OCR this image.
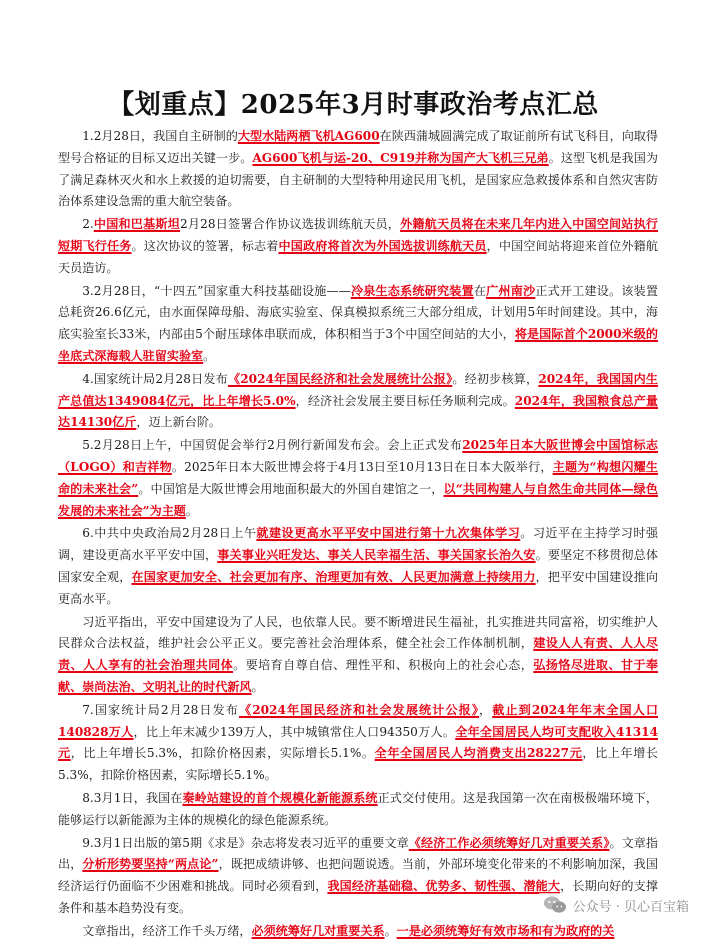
【划重点】2025年3月时事政治考点汇总

1.2月28日，我国自主研制的大型水陆两栖飞机AG600在陕西蒲城圆满完成了取证前所有试飞科目，向取得型号合格证的目标又迈出关键一步。AG600飞机与运-20、C919并称为国产大飞机三兄弟。这型飞机是我国为了满足森林灭火和水上救援的迫切需要，自主研制的大型特种用途民用飞机，是国家应急救援体系和自然灾害防治体系建设急需的重大航空装备。

2.中国和巴基斯坦2月28日签署合作协议选拔训练航天员，外籍航天员将在未来几年内进入中国空间站执行短期飞行任务。这次协议的签署，标志着中国政府将首次为外国选拔训练航天员，中国空间站将迎来首位外籍航天员造访。

3.2月28日，“十四五”国家重大科技基础设施——冷泉生态系统研究装置在广州南沙正式开工建设。该装置总耗资26.6亿元，由水面保障母船、海底实验室、保真模拟系统三大部分组成，计划用5年时间建设。其中，海底实验室长33米，内部由5个耐压球体串联而成，体积相当于3个中国空间站的大小，将是国际首个2000米级的坐底式深海载人驻留实验室。

4.国家统计局2月28日发布《2024年国民经济和社会发展统计公报》。经初步核算，2024年，我国国内生产总值达1349084亿元，比上年增长5.0%，经济社会发展主要目标任务顺利完成。2024年，我国粮食总产量达14130亿斤，迈上新台阶。

5.2月28日上午，中国贸促会举行2月例行新闻发布会。会上正式发布2025年日本大阪世博会中国馆标志（LOGO）和吉祥物。2025年日本大阪世博会将于4月13日至10月13日在日本大阪举行，主题为“构想闪耀生命的未来社会”。中国馆是大阪世博会用地面积最大的外国自建馆之一，以“共同构建人与自然生命共同体—绿色发展的未来社会”为主题。

6.中共中央政治局2月28日上午就建设更高水平平安中国进行第十九次集体学习。习近平在主持学习时强调，建设更高水平平安中国，事关事业兴旺发达、事关人民幸福生活、事关国家长治久安。要坚定不移贯彻总体国家安全观，在国家更加安全、社会更加有序、治理更加有效、人民更加满意上持续用力，把平安中国建设推向更高水平。

习近平指出，平安中国建设为了人民，也依靠人民。要不断增进民生福祉，扎实推进共同富裕，切实维护人民群众合法权益，维护社会公平正义。要完善社会治理体系，健全社会工作体制机制，建设人人有责、人人尽责、人人享有的社会治理共同体。要培育自尊自信、理性平和、积极向上的社会心态，弘扬恪尽进取、甘于奉献、崇尚法治、文明礼让的时代新风。

7.国家统计局2月28日发布《2024年国民经济和社会发展统计公报》，截止到2024年年末全国人口140828万人，比上年末减少139万人，其中城镇常住人口94350万人。全年全国居民人均可支配收入41314元，比上年增长5.3%，扣除价格因素，实际增长5.1%。全年全国居民人均消费支出28227元，比上年增长5.3%，扣除价格因素，实际增长5.1%。

8.3月1日，我国在秦岭站建设的首个规模化新能源系统正式交付使用。这是我国第一次在南极极端环境下，能够运行以新能源为主体的规模化的绿色能源系统。

9.3月1日出版的第5期《求是》杂志将发表习近平的重要文章《经济工作必须统筹好几对重要关系》。文章指出，分析形势要坚持“两点论”，既把成绩讲够、也把问题说透。当前，外部环境变化带来的不利影响加深，我国经济运行仍面临不少困难和挑战。同时必须看到，我国经济基础稳、优势多、韧性强、潜能大，长期向好的支撑条件和基本趋势没有变。

文章指出，经济工作千头万绪，必须统筹好几对重要关系。一是必须统筹好有效市场和有为政府的关

公众号 · 贝心百宝箱
